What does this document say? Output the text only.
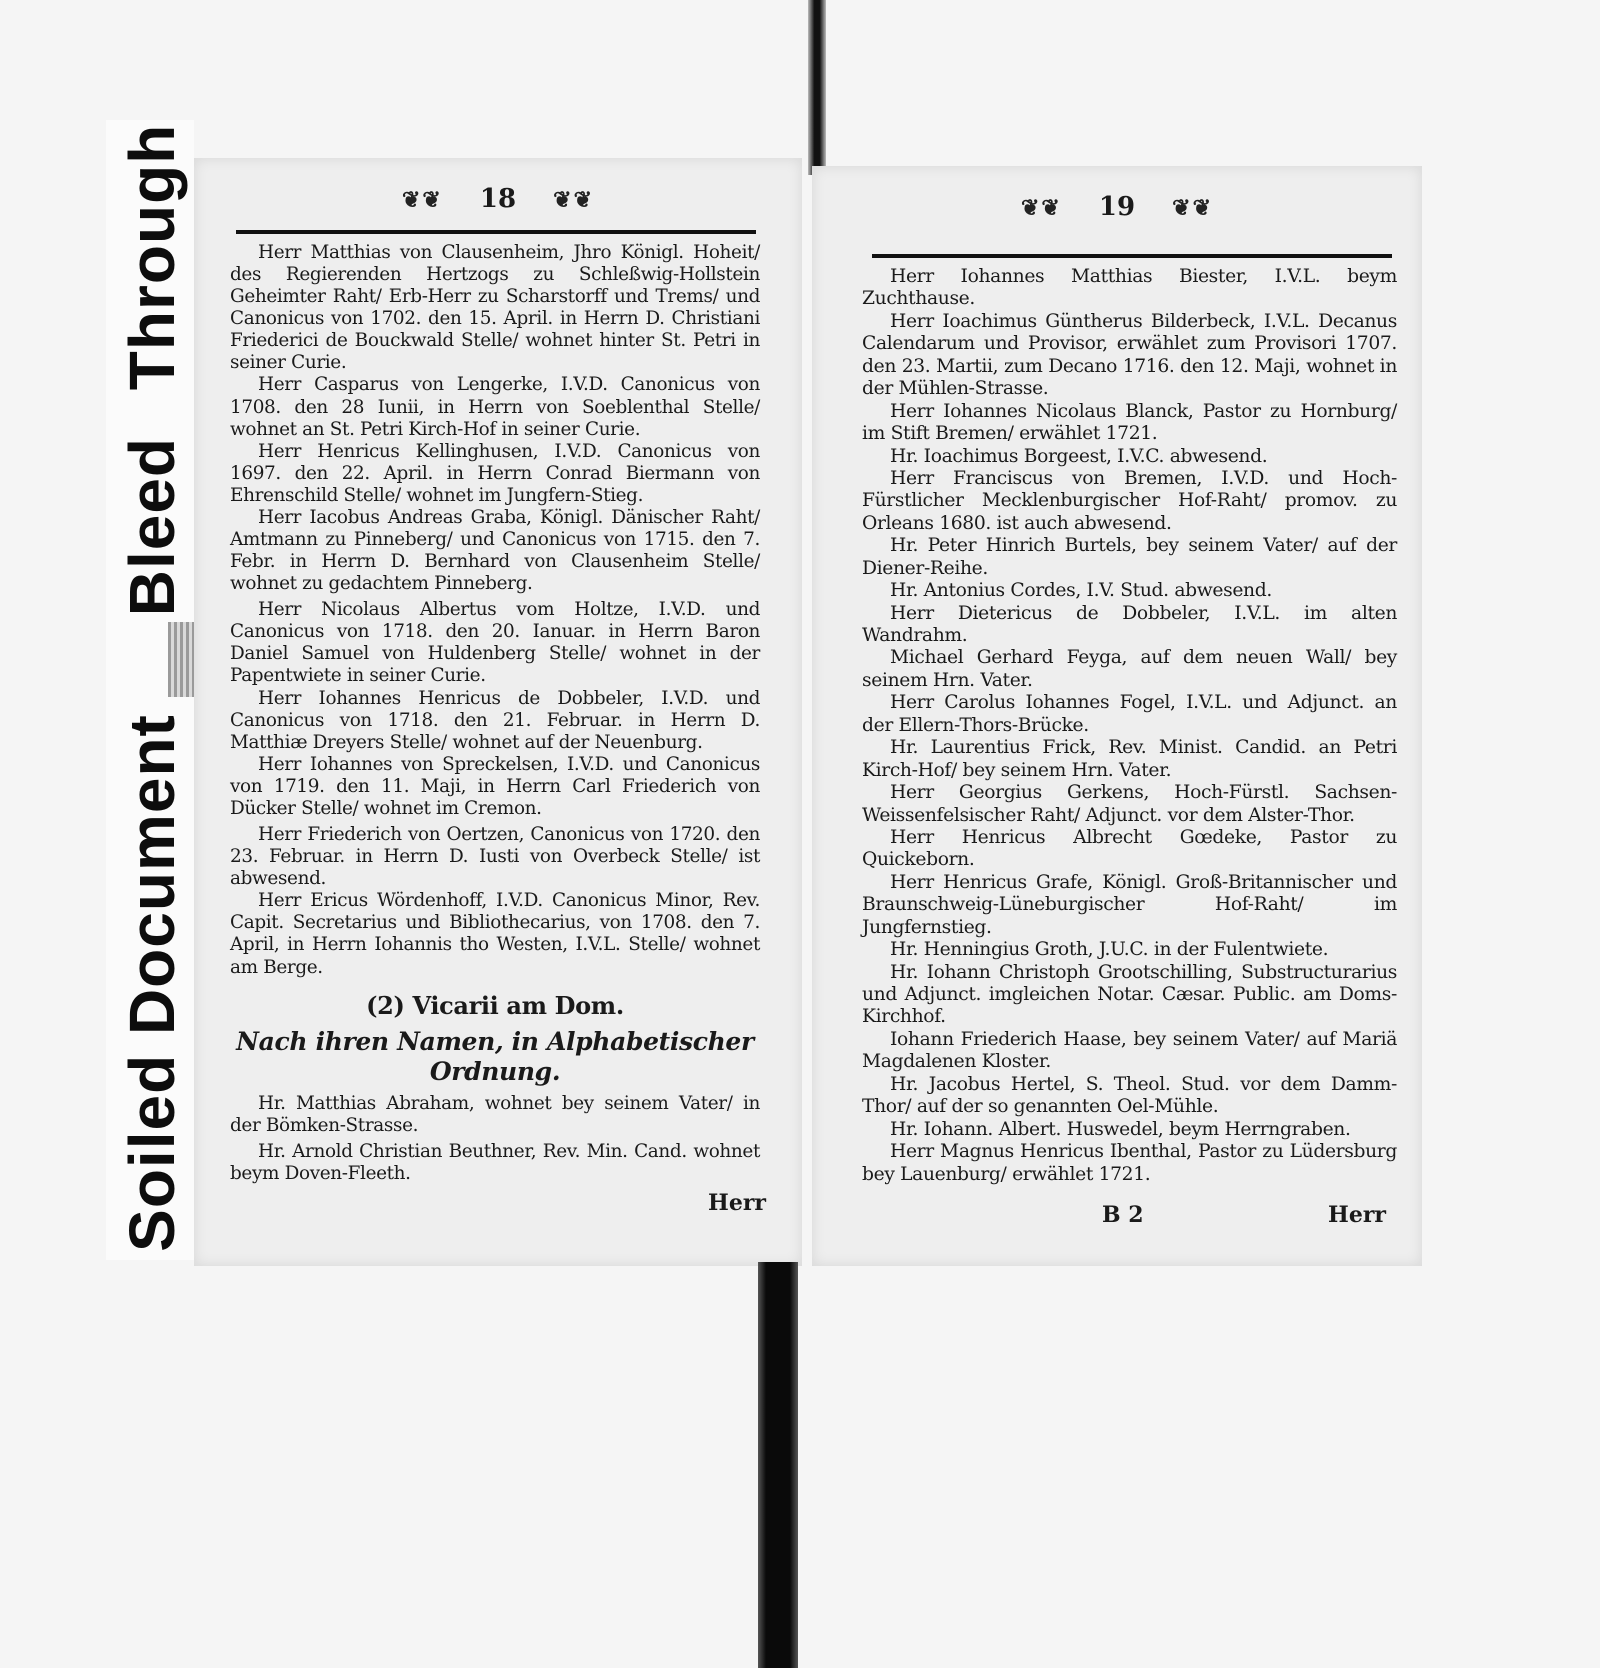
Bleed Through
Soiled Document
❦❦ 18 ❦❦

Herr Matthias von Clausenheim, Jhro Königl. Hoheit/ des Regierenden Hertzogs zu Schleßwig-Hollstein Geheimter Raht/ Erb-Herr zu Scharstorff und Trems/ und Canonicus von 1702. den 15. April. in Herrn D. Christiani Friederici de Bouckwald Stelle/ wohnet hinter St. Petri in seiner Curie.

Herr Casparus von Lengerke, I.V.D. Canonicus von 1708. den 28 Iunii, in Herrn von Soeblenthal Stelle/ wohnet an St. Petri Kirch-Hof in seiner Curie.

Herr Henricus Kellinghusen, I.V.D. Canonicus von 1697. den 22. April. in Herrn Conrad Biermann von Ehrenschild Stelle/ wohnet im Jungfern-Stieg.

Herr Iacobus Andreas Graba, Königl. Dänischer Raht/ Amtmann zu Pinneberg/ und Canonicus von 1715. den 7. Febr. in Herrn D. Bernhard von Clausenheim Stelle/ wohnet zu gedachtem Pinneberg.

Herr Nicolaus Albertus vom Holtze, I.V.D. und Canonicus von 1718. den 20. Ianuar. in Herrn Baron Daniel Samuel von Huldenberg Stelle/ wohnet in der Papentwiete in seiner Curie.

Herr Iohannes Henricus de Dobbeler, I.V.D. und Canonicus von 1718. den 21. Februar. in Herrn D. Matthiæ Dreyers Stelle/ wohnet auf der Neuenburg.

Herr Iohannes von Spreckelsen, I.V.D. und Canonicus von 1719. den 11. Maji, in Herrn Carl Friederich von Dücker Stelle/ wohnet im Cremon.

Herr Friederich von Oertzen, Canonicus von 1720. den 23. Februar. in Herrn D. Iusti von Overbeck Stelle/ ist abwesend.

Herr Ericus Wördenhoff, I.V.D. Canonicus Minor, Rev. Capit. Secretarius und Bibliothecarius, von 1708. den 7. April, in Herrn Iohannis tho Westen, I.V.L. Stelle/ wohnet am Berge.

(2) Vicarii am Dom.
Nach ihren Namen, in Alphabetischer Ordnung.

Hr. Matthias Abraham, wohnet bey seinem Vater/ in der Bömken-Strasse.

Hr. Arnold Christian Beuthner, Rev. Min. Cand. wohnet beym Doven-Fleeth.

Herr
❦❦ 19 ❦❦

Herr Iohannes Matthias Biester, I.V.L. beym Zuchthause.

Herr Ioachimus Güntherus Bilderbeck, I.V.L. Decanus Calendarum und Provisor, erwählet zum Provisori 1707. den 23. Martii, zum Decano 1716. den 12. Maji, wohnet in der Mühlen-Strasse.

Herr Iohannes Nicolaus Blanck, Pastor zu Hornburg/ im Stift Bremen/ erwählet 1721.

Hr. Ioachimus Borgeest, I.V.C. abwesend.

Herr Franciscus von Bremen, I.V.D. und Hoch-Fürstlicher Mecklenburgischer Hof-Raht/ promov. zu Orleans 1680. ist auch abwesend.

Hr. Peter Hinrich Burtels, bey seinem Vater/ auf der Diener-Reihe.

Hr. Antonius Cordes, I.V. Stud. abwesend.

Herr Dietericus de Dobbeler, I.V.L. im alten Wandrahm.

Michael Gerhard Feyga, auf dem neuen Wall/ bey seinem Hrn. Vater.

Herr Carolus Iohannes Fogel, I.V.L. und Adjunct. an der Ellern-Thors-Brücke.

Hr. Laurentius Frick, Rev. Minist. Candid. an Petri Kirch-Hof/ bey seinem Hrn. Vater.

Herr Georgius Gerkens, Hoch-Fürstl. Sachsen-Weissenfelsischer Raht/ Adjunct. vor dem Alster-Thor.

Herr Henricus Albrecht Gœdeke, Pastor zu Quickeborn.

Herr Henricus Grafe, Königl. Groß-Britannischer und Braunschweig-Lüneburgischer Hof-Raht/ im Jungfernstieg.

Hr. Henningius Groth, J.U.C. in der Fulentwiete.

Hr. Iohann Christoph Grootschilling, Substructurarius und Adjunct. imgleichen Notar. Cæsar. Public. am Doms-Kirchhof.

Iohann Friederich Haase, bey seinem Vater/ auf Mariä Magdalenen Kloster.

Hr. Jacobus Hertel, S. Theol. Stud. vor dem Damm-Thor/ auf der so genannten Oel-Mühle.

Hr. Iohann. Albert. Huswedel, beym Herrngraben.

Herr Magnus Henricus Ibenthal, Pastor zu Lüdersburg bey Lauenburg/ erwählet 1721.

B 2	Herr
